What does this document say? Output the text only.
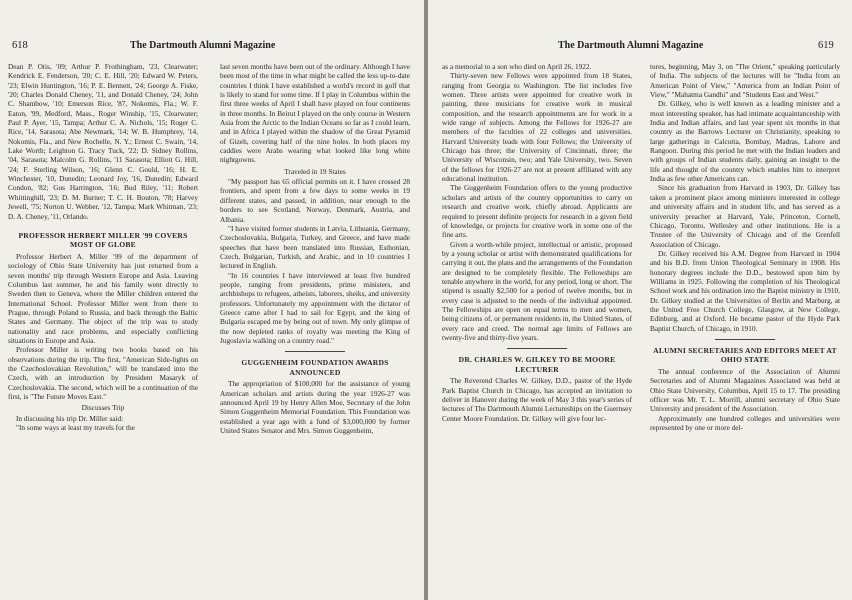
618	The Dartmouth Alumni Magazine

Dean P. Otis, '09; Arthur P. Frothingham, '23, Clearwater; Kendrick E. Fenderson, '20; C. E. Hill, '20; Edward W. Peters, '23; Elwin Huntington, '16; P. E. Bennett, '24; George A. Fiske, '20; Charles Donald Cheney, '11, and Donald Cheney, '24; John C. Shambow, '10; Emerson Rice, '87, Nokomis, Fla.; W. F. Eaton, '99, Medford, Mass., Roger Winship, '15, Clearwater; Paul P. Ayer, '15, Tampa; Arthur C. A. Nichols, '15; Roger C. Rice, '14, Sarasota; Abe Newmark, '14; W. B. Humphrey, '14, Nokomis, Fla., and New Rochelle, N. Y.; Ernest C. Swain, '14, Lake Worth; Leighton G. Tracy Tuck, '22; D. Sidney Rollins, '04, Sarasota; Malcolm G. Rollins, '11 Sarasota; Elliott G. Hill, '24; F. Sterling Wilson, '16; Glenn C. Gould, '16; H. E. Winchester, '10, Dunedin; Leonard Joy, '16, Dunedin; Edward Condon, '82; Gus Harrington, '16; Bud Riley, '11; Robert Whittinghill, '23; D. M. Burner; T. C. H. Bouton, '78; Harvey Jewell, '75; Norton U. Webber, '12, Tampa; Mark Whitman, '23; D. A. Cheney, '11, Orlando.

PROFESSOR HERBERT MILLER '99 COVERS MOST OF GLOBE

Professor Herbert A. Miller '99 of the department of sociology of Ohio State University has just returned from a seven months' trip through Western Europe and Asia. Leaving Columbus last summer, he and his family went directly to Sweden then to Geneva, where the Miller children entered the International School. Professor Miller went from there to Prague, through Poland to Russia, and back through the Baltic States and Germany. The object of the trip was to study nationality and race problems, and especially conflicting situations in Europe and Asia.

Professor Miller is writing two books based on his observations during the trip. The first, "American Side-lights on the Czechoslovakian Revolution," will be translated into the Czech, with an introduction by President Masaryk of Czechoslovakia. The second, which will be a continuation of the first, is "The Future Moves East."

Discusses Trip

In discussing his trip Dr. Miller said:

"In some ways at least my travels for the

last seven months have been out of the ordinary. Although I have been most of the time in what might be called the less up-to-date countries I think I have established a world's record in golf that is likely to stand for some time. If I play in Columbus within the first three weeks of April I shall have played on four continents in three months. In Beirut I played on the only course in Western Asia from the Arctic to the Indian Oceans so far as I could learn, and in Africa I played within the shadow of the Great Pyramid of Gizeh, covering half of the nine holes. In both places my caddies were Arabs wearing what looked like long white nightgowns.

Traveled in 19 States

"My passport has 65 official permits on it. I have crossed 28 frontiers, and spent from a few days to some weeks in 19 different states, and passed, in addition, near enough to the borders to see Scotland, Norway, Denmark, Austria, and Albania.

"I have visited former students in Latvia, Lithuania, Germany, Czechoslovakia, Bulgaria, Turkey, and Greece, and have made speeches that have been translated into Russian, Esthonian, Czech, Bulgarian, Turkish, and Arabic, and in 10 countries I lectured in English.

"In 16 countries I have interviewed at least five hundred people, ranging from presidents, prime ministers, and archbishops to refugees, atheists, laborers, sheiks, and university professors. Unfortunately my appointment with the dictator of Greece came after I had to sail for Egypt, and the king of Bulgaria escaped me by being out of town. My only glimpse of the now depleted ranks of royalty was meeting the King of Jugoslavia walking on a country road."

GUGGENHEIM FOUNDATION AWARDS ANNOUNCED

The appropriation of $100,000 for the assistance of young American scholars and artists during the year 1926-27 was announced April 19 by Henry Allen Moe, Secretary of the John Simon Guggenheim Memorial Foundation. This Foundation was established a year ago with a fund of $3,000,000 by former United States Senator and Mrs. Simon Guggenheim,

The Dartmouth Alumni Magazine	619

as a memorial to a son who died on April 26, 1922.

Thirty-seven new Fellows were appointed from 18 States, ranging from Georgia to Washington. The list includes five women. Three artists were appointed for creative work in painting, three musicians for creative work in musical composition, and the research appointments are for work in a wide range of subjects. Among the Fellows for 1926-27 are members of the faculties of 22 colleges and universities. Harvard University leads with four Fellows; the University of Chicago has three; the University of Cincinnati, three; the University of Wisconsin, two; and Yale University, two. Seven of the fellows for 1926-27 are not at present affiliated with any educational institution.

The Guggenheim Foundation offers to the young productive scholars and artists of the country opportunities to carry on research and creative work, chiefly abroad. Applicants are required to present definite projects for research in a given field of knowledge, or projects for creative work in some one of the fine arts.

Given a worth-while project, intellectual or artistic, proposed by a young scholar or artist with demonstrated qualifications for carrying it out, the plans and the arrangements of the Foundation are designed to be completely flexible. The Fellowships are tenable anywhere in the world, for any period, long or short. The stipend is usually $2,500 for a period of twelve months, but in every case is adjusted to the needs of the individual appointed. The Fellowships are open on equal terms to men and women, being citizens of, or permanent residents in, the United States, of every race and creed. The normal age limits of Fellows are twenty-five and thirty-five years.

DR. CHARLES W. GILKEY TO BE MOORE LECTURER

The Reverend Charles W. Gilkey, D.D., pastor of the Hyde Park Baptist Church in Chicago, has accepted an invitation to deliver in Hanover during the week of May 3 this year's series of lectures of The Dartmouth Alumni Lectureships on the Guernsey Center Moore Foundation. Dr. Gilkey will give four lec-

tures, beginning, May 3, on "The Orient," speaking particularly of India. The subjects of the lectures will be "India from an American Point of View," "America from an Indian Point of View," "Mahatma Gandhi" and "Students East and West."

Dr. Gilkey, who is well known as a leading minister and a most interesting speaker, has had intimate acquaintanceship with India and Indian affairs, and last year spent six months in that country as the Barrows Lecturer on Christianity, speaking to large gatherings in Calcutta, Bombay, Madras, Lahore and Rangoon. During this period he met with the Indian leaders and with groups of Indian students daily, gaining an insight to the life and thought of the country which enables him to interpret India as few other Americans can.

Since his graduation from Harvard in 1903, Dr. Gilkey has taken a prominent place among ministers interested in college and university affairs and in student life, and has served as a university preacher at Harvard, Yale, Princeton, Cornell, Chicago, Toronto, Wellesley and other institutions. He is a Trustee of the University of Chicago and of the Grenfell Association of Chicago.

Dr. Gilkey received his A.M. Degree from Harvard in 1904 and his B.D. from Union Theological Seminary in 1908. His honorary degrees include the D.D., bestowed upon him by Williams in 1925. Following the completion of his Theological School work and his ordination into the Baptist ministry in 1910, Dr. Gilkey studied at the Universities of Berlin and Marburg, at the United Free Church College, Glasgow, at New College, Edinburg, and at Oxford. He became pastor of the Hyde Park Baptist Church, of Chicago, in 1910.

ALUMNI SECRETARIES AND EDITORS MEET AT OHIO STATE

The annual conference of the Association of Alumni Secretaries and of Alumni Magazines Associated was held at Ohio State University, Columbus, April 15 to 17. The presiding officer was Mr. T. L. Morrill, alumni secretary of Ohio State University and president of the Association.

Approximately one hundred colleges and universities were represented by one or more del-
